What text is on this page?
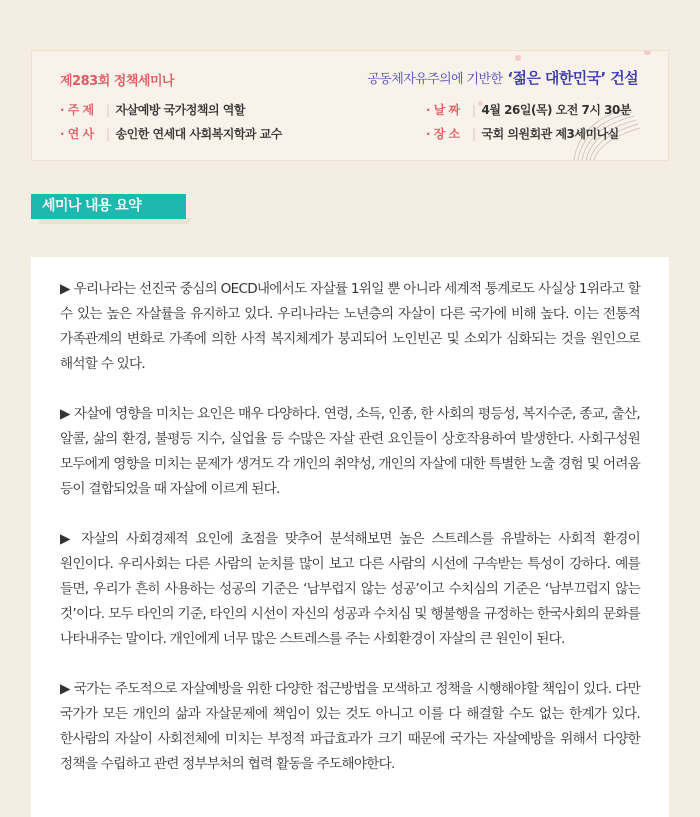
제283회 정책세미나	공동체자유주의에 기반한 ‘젊은 대한민국’ 건설
· 주 제 | 자살예방 국가정책의 역할
· 연 사 | 송인한 연세대 사회복지학과 교수
· 날 짜 | 4월 26일(목) 오전 7시 30분
· 장 소 | 국회 의원회관 제3세미나실
세미나 내용 요약

▶ 우리나라는 선진국 중심의 OECD내에서도 자살률 1위일 뿐 아니라 세계적 통계로도 사실상 1위라고 할 수 있는 높은 자살률을 유지하고 있다. 우리나라는 노년층의 자살이 다른 국가에 비해 높다. 이는 전통적 가족관계의 변화로 가족에 의한 사적 복지체계가 붕괴되어 노인빈곤 및 소외가 심화되는 것을 원인으로 해석할 수 있다.

▶ 자살에 영향을 미치는 요인은 매우 다양하다. 연령, 소득, 인종, 한 사회의 평등성, 복지수준, 종교, 출산, 알콜, 삶의 환경, 불평등 지수, 실업율 등 수많은 자살 관련 요인들이 상호작용하여 발생한다. 사회구성원 모두에게 영향을 미치는 문제가 생겨도 각 개인의 취약성, 개인의 자살에 대한 특별한 노출 경험 및 어려움 등이 결합되었을 때 자살에 이르게 된다.

▶ 자살의 사회경제적 요인에 초점을 맞추어 분석해보면 높은 스트레스를 유발하는 사회적 환경이 원인이다. 우리사회는 다른 사람의 눈치를 많이 보고 다른 사람의 시선에 구속받는 특성이 강하다. 예를 들면, 우리가 흔히 사용하는 성공의 기준은 ‘남부럽지 않는 성공’이고 수치심의 기준은 ‘남부끄럽지 않는 것’이다. 모두 타인의 기준, 타인의 시선이 자신의 성공과 수치심 및 행불행을 규정하는 한국사회의 문화를 나타내주는 말이다. 개인에게 너무 많은 스트레스를 주는 사회환경이 자살의 큰 원인이 된다.

▶ 국가는 주도적으로 자살예방을 위한 다양한 접근방법을 모색하고 정책을 시행해야할 책임이 있다. 다만 국가가 모든 개인의 삶과 자살문제에 책임이 있는 것도 아니고 이를 다 해결할 수도 없는 한계가 있다. 한사람의 자살이 사회전체에 미치는 부정적 파급효과가 크기 때문에 국가는 자살예방을 위해서 다양한 정책을 수립하고 관련 정부부처의 협력 활동을 주도해야한다.
